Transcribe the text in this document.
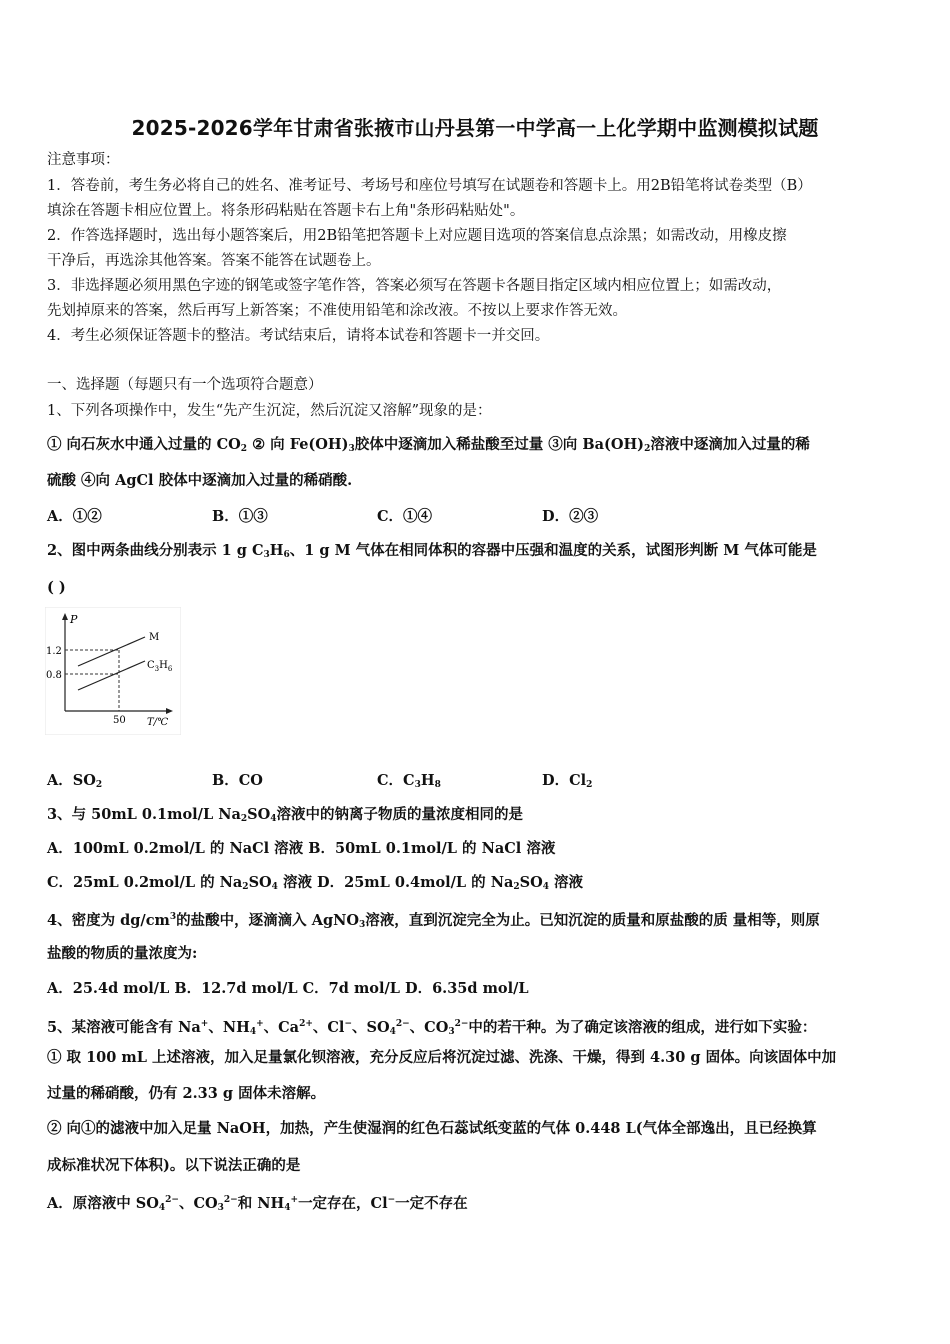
2025-2026学年甘肃省张掖市山丹县第一中学高一上化学期中监测模拟试题
注意事项：
1．答卷前，考生务必将自己的姓名、准考证号、考场号和座位号填写在试题卷和答题卡上。用2B铅笔将试卷类型（B）
填涂在答题卡相应位置上。将条形码粘贴在答题卡右上角"条形码粘贴处"。
2．作答选择题时，选出每小题答案后，用2B铅笔把答题卡上对应题目选项的答案信息点涂黑；如需改动，用橡皮擦
干净后，再选涂其他答案。答案不能答在试题卷上。
3．非选择题必须用黑色字迹的钢笔或签字笔作答，答案必须写在答题卡各题目指定区域内相应位置上；如需改动，
先划掉原来的答案，然后再写上新答案；不准使用铅笔和涂改液。不按以上要求作答无效。
4．考生必须保证答题卡的整洁。考试结束后，请将本试卷和答题卡一并交回。
一、选择题（每题只有一个选项符合题意）
1、下列各项操作中，发生“先产生沉淀，然后沉淀又溶解”现象的是：
① 向石灰水中通入过量的 $CO_2$ ② 向 $Fe(OH)_3$胶体中逐滴加入稀盐酸至过量 ③向 $Ba(OH)_2$溶液中逐滴加入过量的稀
硫酸 ④向 AgCl 胶体中逐滴加入过量的稀硝酸.
A．①②	B．①③	C．①④	D．②③
2、图中两条曲线分别表示 1 g $C_3H_6$、1 g M 气体在相同体积的容器中压强和温度的关系，试图形判断 M 气体可能是
( )
P
1.2
0.8
50 T/℃
M
$C_3H_6$
A．$SO_2$	B．CO	C．$C_3H_8$	D．$Cl_2$
3、与 50mL 0.1mol/L $Na_2SO_4$溶液中的钠离子物质的量浓度相同的是
A．100mL 0.2mol/L 的 NaCl 溶液 B．50mL 0.1mol/L 的 NaCl 溶液
C．25mL 0.2mol/L 的 $Na_2SO_4$ 溶液 D．25mL 0.4mol/L 的 $Na_2SO_4$ 溶液
4、密度为 $dg/cm^3$的盐酸中，逐滴滴入 AgNO$_3$溶液，直到沉淀完全为止。已知沉淀的质量和原盐酸的质 量相等，则原
盐酸的物质的量浓度为:
A．25.4d mol/L B．12.7d mol/L C．7d mol/L D．6.35d mol/L
5、某溶液可能含有 Na+、$NH_4^+$、$Ca^{2+}$、Cl−、$SO_4^{2-}$、$CO_3^{2-}$中的若干种。为了确定该溶液的组成，进行如下实验：
① 取 100 mL 上述溶液，加入足量氯化钡溶液，充分反应后将沉淀过滤、洗涤、干燥，得到 4.30 g 固体。向该固体中加
过量的稀硝酸，仍有 2.33 g 固体未溶解。
② 向①的滤液中加入足量 NaOH，加热，产生使湿润的红色石蕊试纸变蓝的气体 0.448 L(气体全部逸出，且已经换算
成标准状况下体积)。以下说法正确的是
A．原溶液中 $SO_4^{2-}$、$CO_3^{2-}$和 $NH_4^+$一定存在，Cl−一定不存在
